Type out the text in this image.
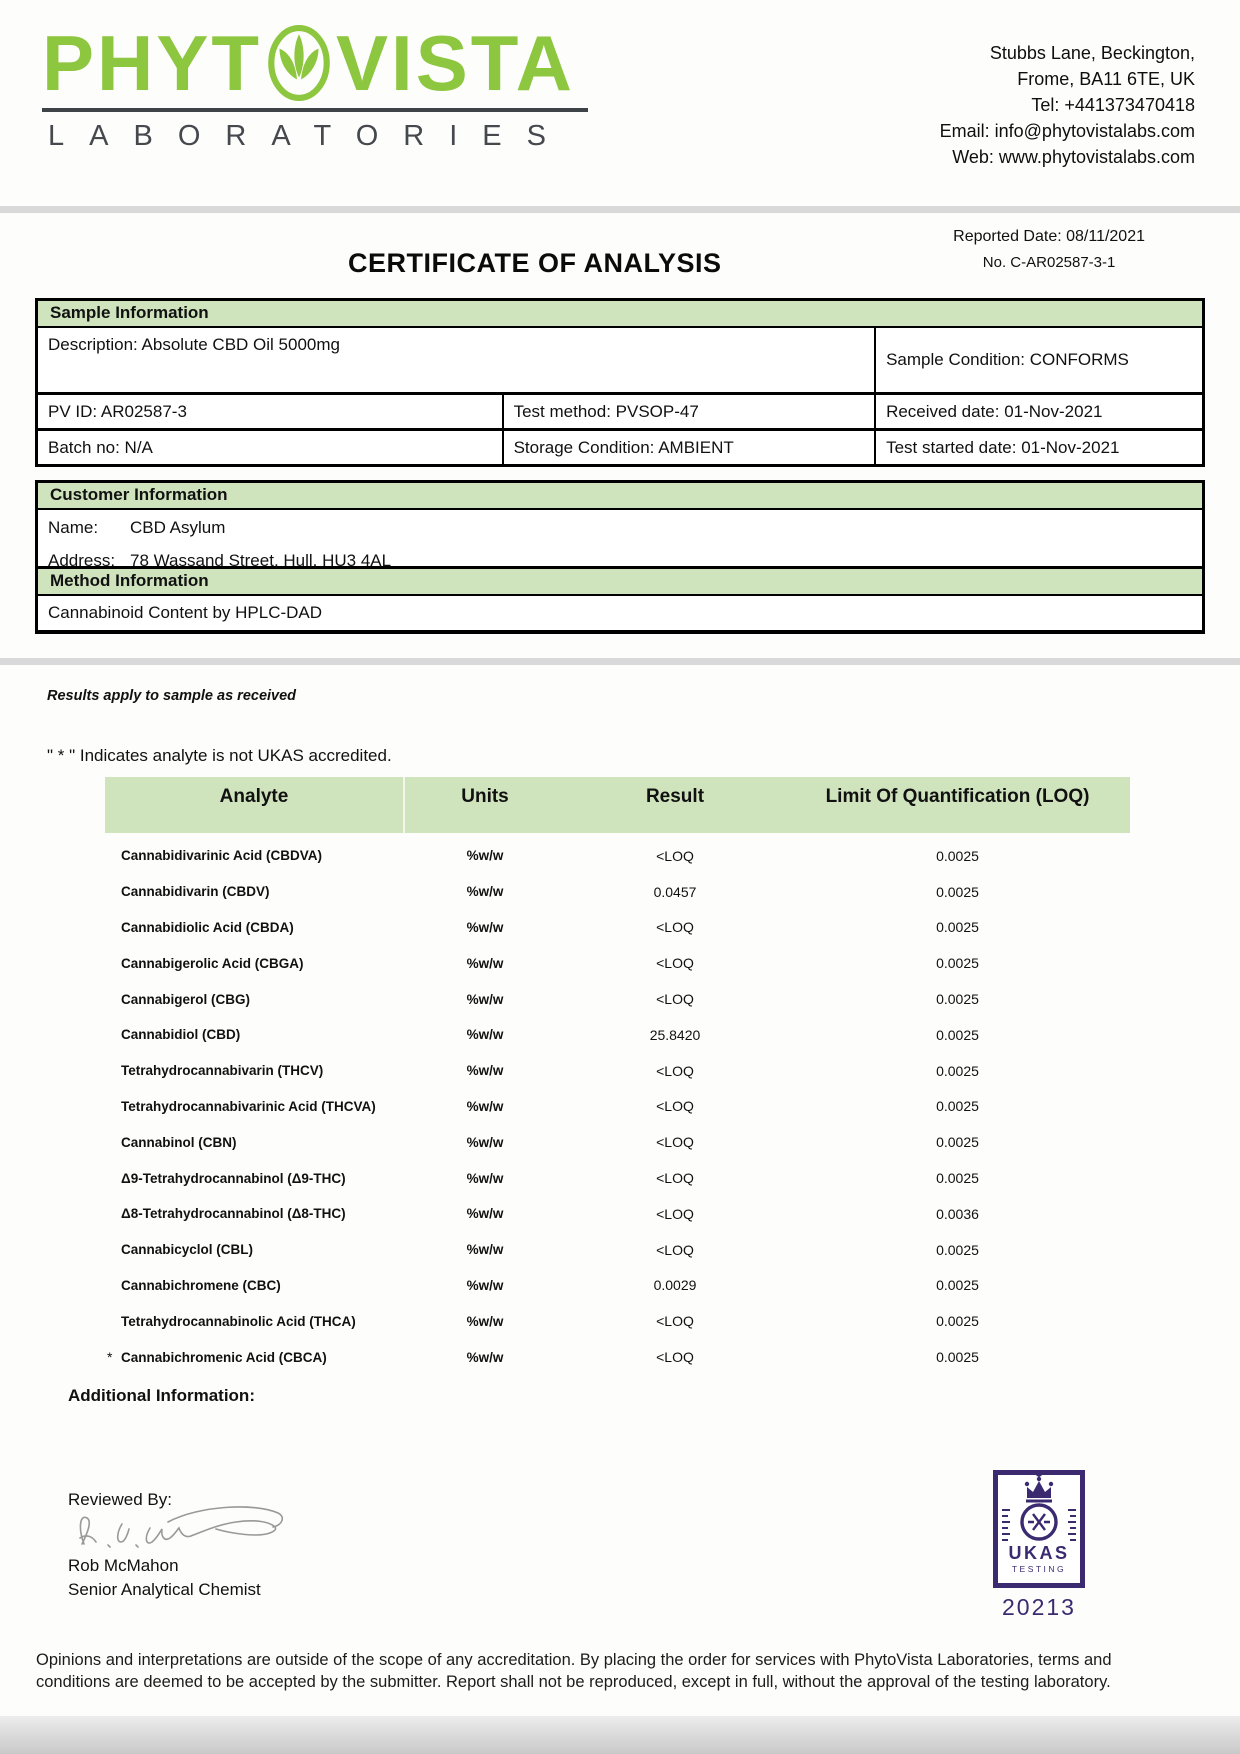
PHYT VISTA
LABORATORIES
Stubbs Lane, Beckington,
Frome, BA11 6TE, UK
Tel: +441373470418
Email: info@phytovistalabs.com
Web: www.phytovistalabs.com
CERTIFICATE OF ANALYSIS
Reported Date: 08/11/2021
No. C-AR02587-3-1
Sample Information
Description: Absolute CBD Oil 5000mg
Sample Condition: CONFORMS
PV ID: AR02587-3	Test method: PVSOP-47	Received date: 01-Nov-2021
Batch no: N/A	Storage Condition: AMBIENT	Test started date: 01-Nov-2021
Customer Information
Name: CBD Asylum
Address: 78 Wassand Street, Hull, HU3 4AL
Method Information
Cannabinoid Content by HPLC-DAD
Results apply to sample as received
" * " Indicates analyte is not UKAS accredited.
Analyte	Units	Result	Limit Of Quantification (LOQ)
Cannabidivarinic Acid (CBDVA)	%w/w	<LOQ	0.0025
Cannabidivarin (CBDV)	%w/w	0.0457	0.0025
Cannabidiolic Acid (CBDA)	%w/w	<LOQ	0.0025
Cannabigerolic Acid (CBGA)	%w/w	<LOQ	0.0025
Cannabigerol (CBG)	%w/w	<LOQ	0.0025
Cannabidiol (CBD)	%w/w	25.8420	0.0025
Tetrahydrocannabivarin (THCV)	%w/w	<LOQ	0.0025
Tetrahydrocannabivarinic Acid (THCVA)	%w/w	<LOQ	0.0025
Cannabinol (CBN)	%w/w	<LOQ	0.0025
Δ9-Tetrahydrocannabinol (Δ9-THC)	%w/w	<LOQ	0.0025
Δ8-Tetrahydrocannabinol (Δ8-THC)	%w/w	<LOQ	0.0036
Cannabicyclol (CBL)	%w/w	<LOQ	0.0025
Cannabichromene (CBC)	%w/w	0.0029	0.0025
Tetrahydrocannabinolic Acid (THCA)	%w/w	<LOQ	0.0025
* Cannabichromenic Acid (CBCA)	%w/w	<LOQ	0.0025
Additional Information:
Reviewed By:
Rob McMahon
Senior Analytical Chemist
UKAS
TESTING
20213
Opinions and interpretations are outside of the scope of any accreditation. By placing the order for services with PhytoVista Laboratories, terms and conditions are deemed to be accepted by the submitter. Report shall not be reproduced, except in full, without the approval of the testing laboratory.
